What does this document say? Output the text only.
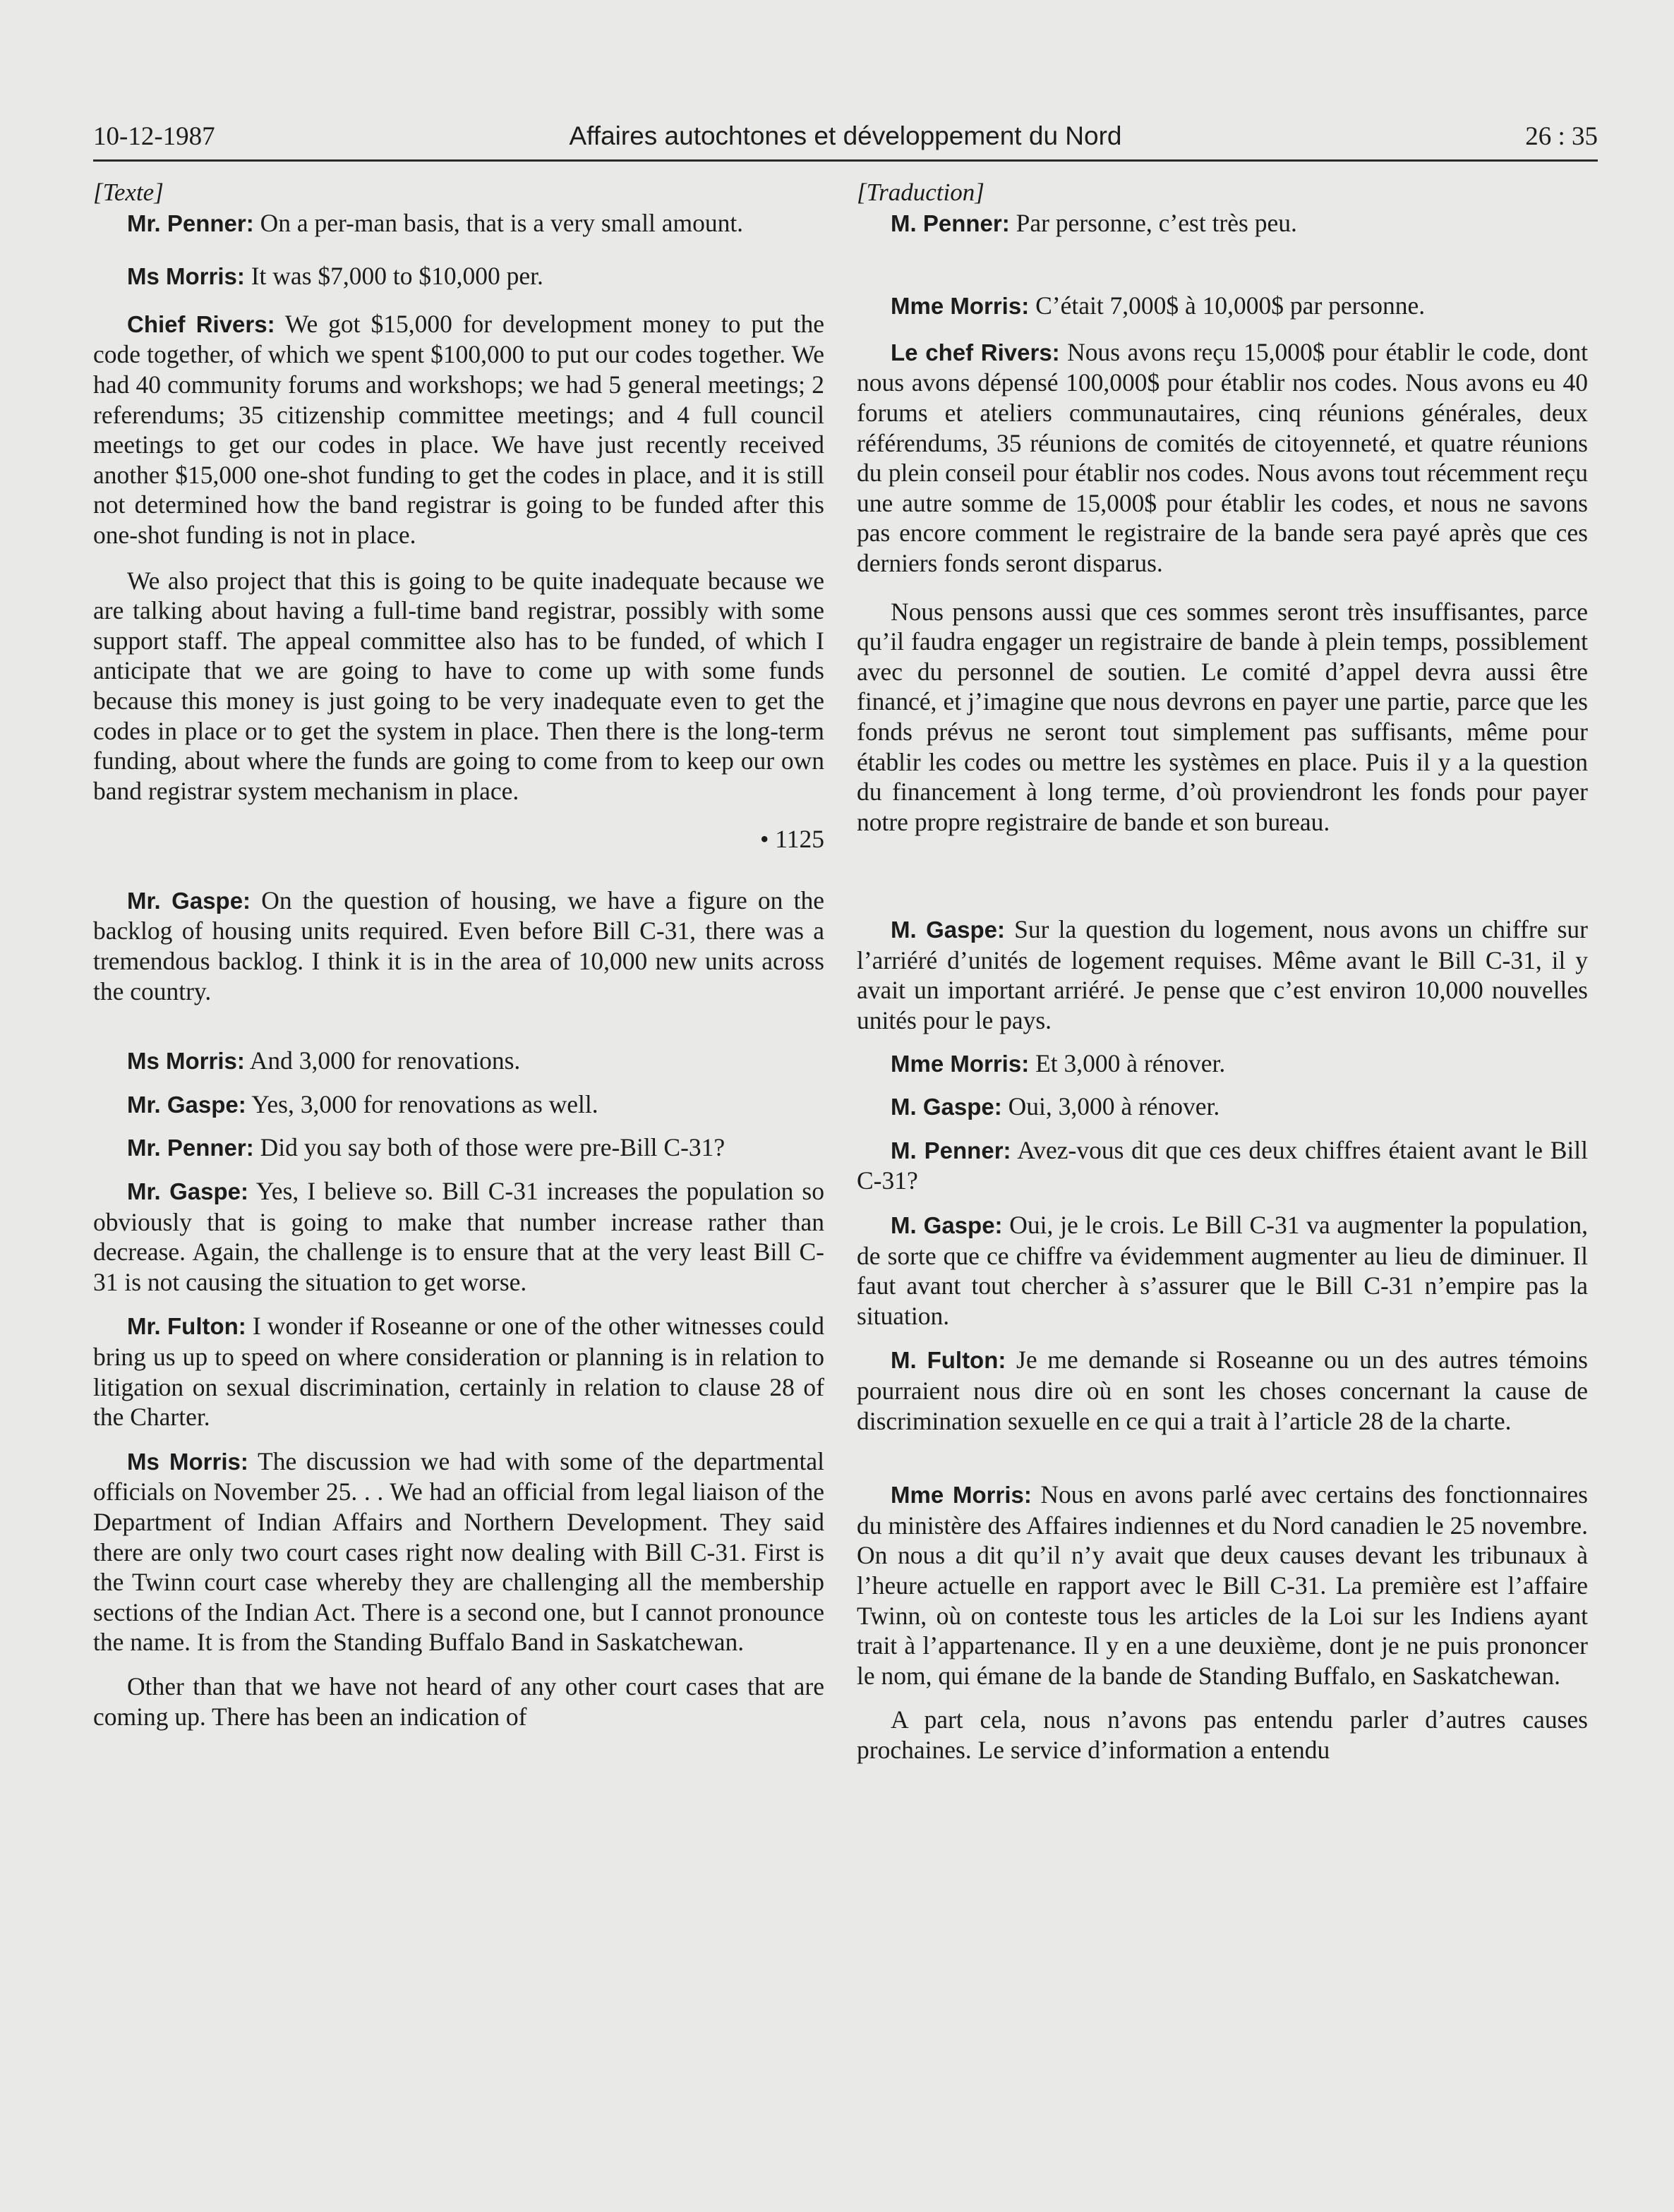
10-12-1987	Affaires autochtones et développement du Nord	26 : 35

[Texte]

Mr. Penner: On a per-man basis, that is a very small amount.

Ms Morris: It was $7,000 to $10,000 per.

Chief Rivers: We got $15,000 for development money to put the code together, of which we spent $100,000 to put our codes together. We had 40 community forums and workshops; we had 5 general meetings; 2 referendums; 35 citizenship committee meetings; and 4 full council meetings to get our codes in place. We have just recently received another $15,000 one-shot funding to get the codes in place, and it is still not determined how the band registrar is going to be funded after this one-shot funding is not in place.

We also project that this is going to be quite inadequate because we are talking about having a full-time band registrar, possibly with some support staff. The appeal committee also has to be funded, of which I anticipate that we are going to have to come up with some funds because this money is just going to be very inadequate even to get the codes in place or to get the system in place. Then there is the long-term funding, about where the funds are going to come from to keep our own band registrar system mechanism in place.

• 1125

Mr. Gaspe: On the question of housing, we have a figure on the backlog of housing units required. Even before Bill C-31, there was a tremendous backlog. I think it is in the area of 10,000 new units across the country.

Ms Morris: And 3,000 for renovations.

Mr. Gaspe: Yes, 3,000 for renovations as well.

Mr. Penner: Did you say both of those were pre-Bill C-31?

Mr. Gaspe: Yes, I believe so. Bill C-31 increases the population so obviously that is going to make that number increase rather than decrease. Again, the challenge is to ensure that at the very least Bill C-31 is not causing the situation to get worse.

Mr. Fulton: I wonder if Roseanne or one of the other witnesses could bring us up to speed on where consideration or planning is in relation to litigation on sexual discrimination, certainly in relation to clause 28 of the Charter.

Ms Morris: The discussion we had with some of the departmental officials on November 25. . . We had an official from legal liaison of the Department of Indian Affairs and Northern Development. They said there are only two court cases right now dealing with Bill C-31. First is the Twinn court case whereby they are challenging all the membership sections of the Indian Act. There is a second one, but I cannot pronounce the name. It is from the Standing Buffalo Band in Saskatchewan.

Other than that we have not heard of any other court cases that are coming up. There has been an indication of

[Traduction]

M. Penner: Par personne, c’est très peu.

Mme Morris: C’était 7,000$ à 10,000$ par personne.

Le chef Rivers: Nous avons reçu 15,000$ pour établir le code, dont nous avons dépensé 100,000$ pour établir nos codes. Nous avons eu 40 forums et ateliers communautaires, cinq réunions générales, deux référendums, 35 réunions de comités de citoyenneté, et quatre réunions du plein conseil pour établir nos codes. Nous avons tout récemment reçu une autre somme de 15,000$ pour établir les codes, et nous ne savons pas encore comment le registraire de la bande sera payé après que ces derniers fonds seront disparus.

Nous pensons aussi que ces sommes seront très insuffisantes, parce qu’il faudra engager un registraire de bande à plein temps, possiblement avec du personnel de soutien. Le comité d’appel devra aussi être financé, et j’imagine que nous devrons en payer une partie, parce que les fonds prévus ne seront tout simplement pas suffisants, même pour établir les codes ou mettre les systèmes en place. Puis il y a la question du financement à long terme, d’où proviendront les fonds pour payer notre propre registraire de bande et son bureau.

M. Gaspe: Sur la question du logement, nous avons un chiffre sur l’arriéré d’unités de logement requises. Même avant le Bill C-31, il y avait un important arriéré. Je pense que c’est environ 10,000 nouvelles unités pour le pays.

Mme Morris: Et 3,000 à rénover.

M. Gaspe: Oui, 3,000 à rénover.

M. Penner: Avez-vous dit que ces deux chiffres étaient avant le Bill C-31?

M. Gaspe: Oui, je le crois. Le Bill C-31 va augmenter la population, de sorte que ce chiffre va évidemment augmenter au lieu de diminuer. Il faut avant tout chercher à s’assurer que le Bill C-31 n’empire pas la situation.

M. Fulton: Je me demande si Roseanne ou un des autres témoins pourraient nous dire où en sont les choses concernant la cause de discrimination sexuelle en ce qui a trait à l’article 28 de la charte.

Mme Morris: Nous en avons parlé avec certains des fonctionnaires du ministère des Affaires indiennes et du Nord canadien le 25 novembre. On nous a dit qu’il n’y avait que deux causes devant les tribunaux à l’heure actuelle en rapport avec le Bill C-31. La première est l’affaire Twinn, où on conteste tous les articles de la Loi sur les Indiens ayant trait à l’appartenance. Il y en a une deuxième, dont je ne puis prononcer le nom, qui émane de la bande de Standing Buffalo, en Saskatchewan.

A part cela, nous n’avons pas entendu parler d’autres causes prochaines. Le service d’information a entendu
